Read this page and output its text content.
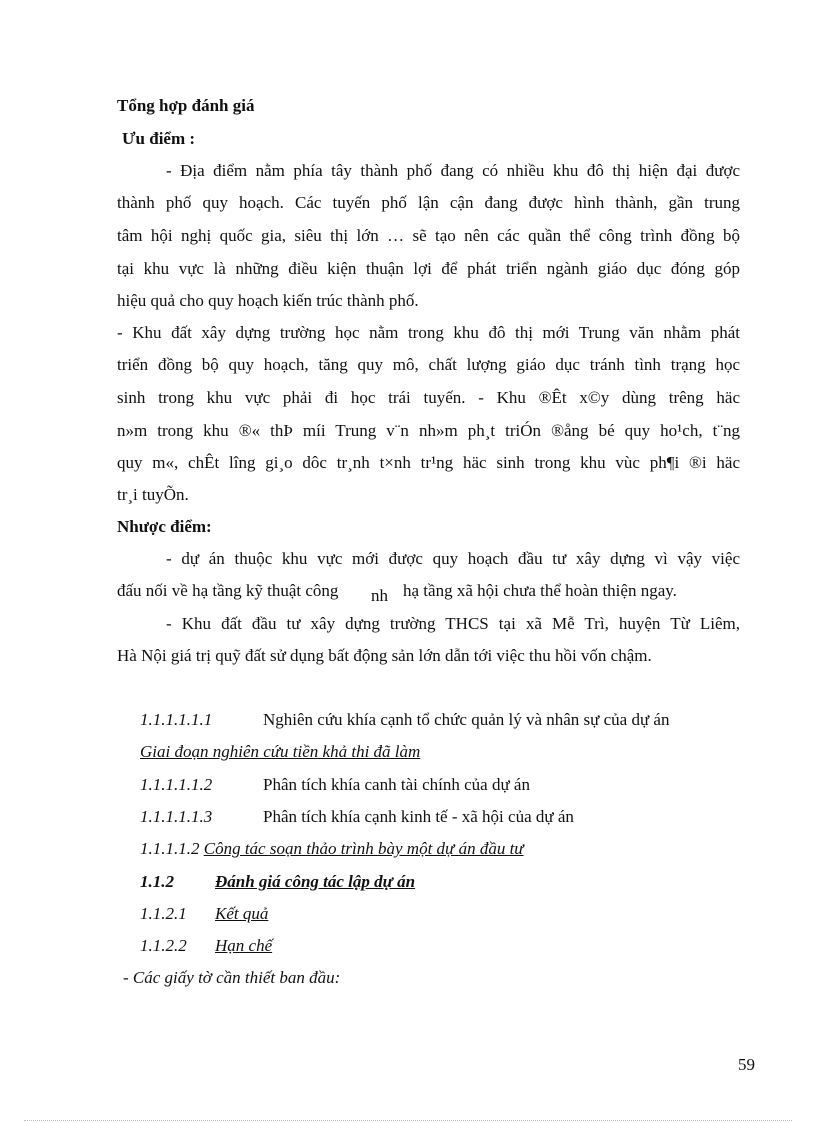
Tổng hợp đánh giá
Ưu điểm :
- Địa điểm nằm phía tây thành phố đang có nhiều khu đô thị hiện đại được
thành phố quy hoạch. Các tuyến phố lận cận đang được hình thành, gần trung
tâm hội nghị quốc gia, siêu thị lớn … sẽ tạo nên các quần thể công trình đồng bộ
tại khu vực là những điều kiện thuận lợi để phát triển ngành giáo dục đóng góp
hiệu quả cho quy hoạch kiến trúc thành phố.
- Khu đất xây dựng trường học nằm trong khu đô thị mới Trung văn nhằm phát
triển đồng bộ quy hoạch, tăng quy mô, chất lượng giáo dục tránh tình trạng học
sinh trong khu vực phải đi học trái tuyến. - Khu ®Êt x©y dùng trêng häc
n»m trong khu ®« thÞ míi Trung v¨n nh»m ph¸t triÓn ®ång bé quy ho¹ch, t¨ng
quy m«, chÊt lîng gi¸o dôc tr¸nh t×nh tr¹ng häc sinh trong khu vùc ph¶i ®i häc
tr¸i tuyÕn.
Nhược điểm:
- dự án thuộc khu vực mới được quy hoạch đầu tư xây dựng vì vậy việc
đấu nối về hạ tầng kỹ thuật công nh hạ tầng xã hội chưa thể hoàn thiện ngay.
- Khu đất đầu tư xây dựng trường THCS tại xã Mễ Trì, huyện Từ Liêm,
Hà Nội giá trị quỹ đất sử dụng bất động sản lớn dẫn tới việc thu hồi vốn chậm.
1.1.1.1.1.1	Nghiên cứu khía cạnh tổ chức quản lý và nhân sự của dự án
Giai đoạn nghiên cứu tiền khả thi đã làm
1.1.1.1.1.2	Phân tích khía canh tài chính của dự án
1.1.1.1.1.3	Phân tích khía cạnh kinh tế - xã hội của dự án
1.1.1.1.2 Công tác soạn thảo trình bày một dự án đầu tư
1.1.2 Đánh giá công tác lập dự án
1.1.2.1 Kết quả
1.1.2.2 Hạn chế
- Các giấy tờ cần thiết ban đầu:
59
